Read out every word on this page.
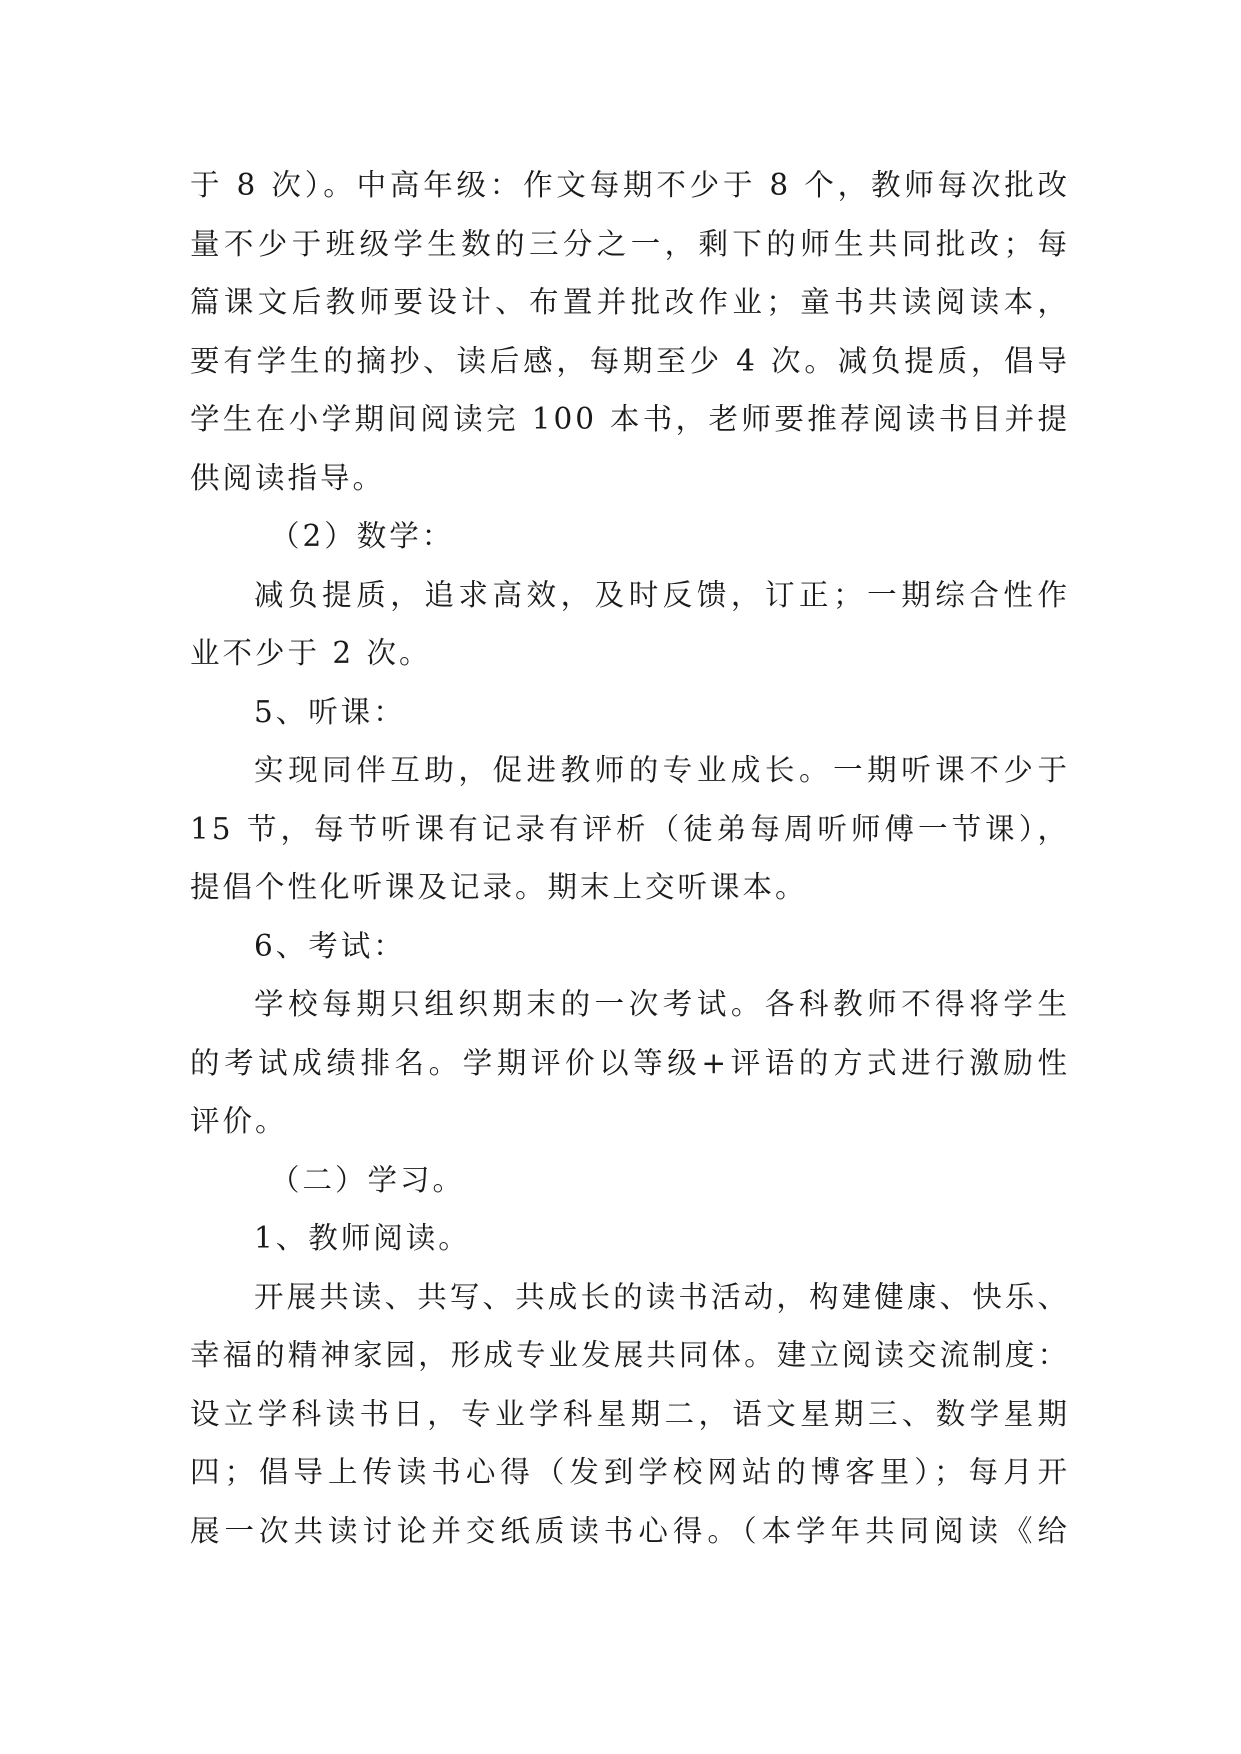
于 8 次）。中高年级：作文每期不少于 8 个，教师每次批改
量不少于班级学生数的三分之一，剩下的师生共同批改；每
篇课文后教师要设计、布置并批改作业；童书共读阅读本，
要有学生的摘抄、读后感，每期至少 4 次。减负提质，倡导
学生在小学期间阅读完 100 本书，老师要推荐阅读书目并提
供阅读指导。
（2）数学：
减负提质，追求高效，及时反馈，订正；一期综合性作
业不少于 2 次。
5、听课：
实现同伴互助，促进教师的专业成长。一期听课不少于
15 节，每节听课有记录有评析（徒弟每周听师傅一节课），
提倡个性化听课及记录。期末上交听课本。
6、考试：
学校每期只组织期末的一次考试。各科教师不得将学生
的考试成绩排名。学期评价以等级+评语的方式进行激励性
评价。
（二）学习。
1、教师阅读。
开展共读、共写、共成长的读书活动，构建健康、快乐、
幸福的精神家园，形成专业发展共同体。建立阅读交流制度：
设立学科读书日，专业学科星期二，语文星期三、数学星期
四；倡导上传读书心得（发到学校网站的博客里）；每月开
展一次共读讨论并交纸质读书心得。（本学年共同阅读《给
